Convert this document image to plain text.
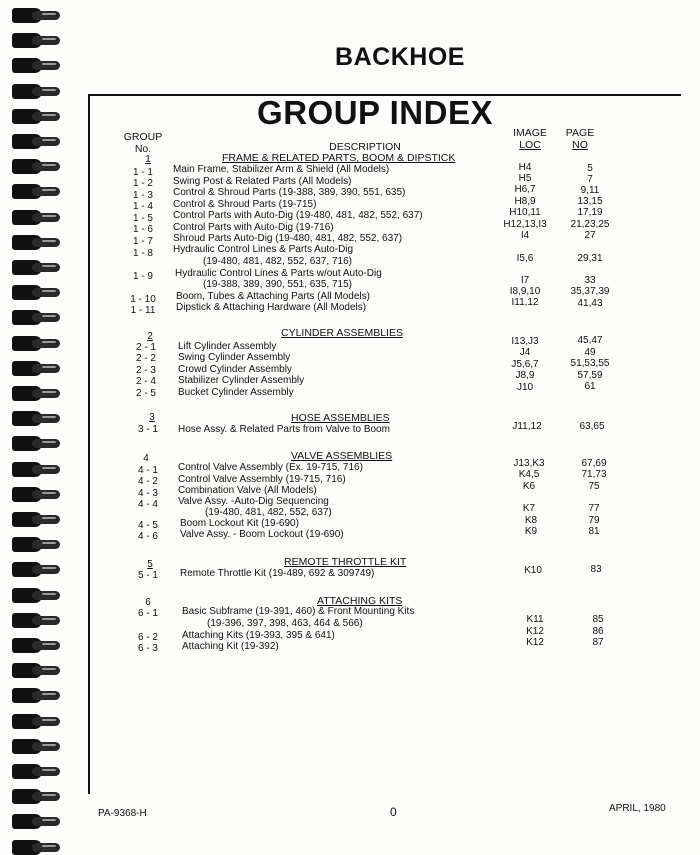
BACKHOE
GROUP INDEX
GROUP
No.	DESCRIPTION
IMAGE
LOC
PAGE
NO
1	FRAME & RELATED PARTS, BOOM & DIPSTICK
1 - 1	Main Frame, Stabilizer Arm & Shield (All Models)	H4	5
1 - 2	Swing Post & Related Parts (All Models)	H5	7
1 - 3	Control & Shroud Parts (19-388, 389, 390, 551, 635)	H6,7	9,11
1 - 4	Control & Shroud Parts (19-715)	H8,9	13,15
1 - 5	Control Parts with Auto-Dig (19-480, 481, 482, 552, 637)	H10,11	17,19
1 - 6	Control Parts with Auto-Dig (19-716)	H12,13,I3	21,23,25
1 - 7	Shroud Parts Auto-Dig (19-480, 481, 482, 552, 637)	I4	27
1 - 8	Hydraulic Control Lines & Parts Auto-Dig
(19-480, 481, 482, 552, 637, 716)	I5,6	29,31
1 - 9	Hydraulic Control Lines & Parts w/out Auto-Dig
(19-388, 389, 390, 551, 635, 715)	I7	33
1 - 10	Boom, Tubes & Attaching Parts (All Models)	I8,9,10	35,37,39
1 - 11	Dipstick & Attaching Hardware (All Models)	I11,12	41,43
2	CYLINDER ASSEMBLIES
2 - 1	Lift Cylinder Assembly	I13,J3	45,47
2 - 2	Swing Cylinder Assembly	J4	49
2 - 3	Crowd Cylinder Assembly	J5,6,7	51,53,55
2 - 4	Stabilizer Cylinder Assembly	J8,9	57,59
2 - 5	Bucket Cylinder Assembly	J10	61
3	HOSE ASSEMBLIES
3 - 1	Hose Assy. & Related Parts from Valve to Boom	J11,12	63,65
4	VALVE ASSEMBLIES
4 - 1	Control Valve Assembly (Ex. 19-715, 716)	J13,K3	67,69
4 - 2	Control Valve Assembly (19-715, 716)	K4,5	71,73
4 - 3	Combination Valve (All Models)	K6	75
4 - 4	Valve Assy. -Auto-Dig Sequencing
(19-480, 481, 482, 552, 637)	K7	77
4 - 5	Boom Lockout Kit (19-690)	K8	79
4 - 6	Valve Assy. - Boom Lockout (19-690)	K9	81
5	REMOTE THROTTLE KIT
5 - 1	Remote Throttle Kit (19-489, 692 & 309749)	K10	83
6	ATTACHING KITS
6 - 1	Basic Subframe (19-391, 460) & Front Mounting Kits
(19-396, 397, 398, 463, 464 & 566)	K11	85
6 - 2	Attaching Kits (19-393, 395 & 641)	K12	86
6 - 3	Attaching Kit (19-392)	K12	87
PA-9368-H	0	APRIL, 1980
